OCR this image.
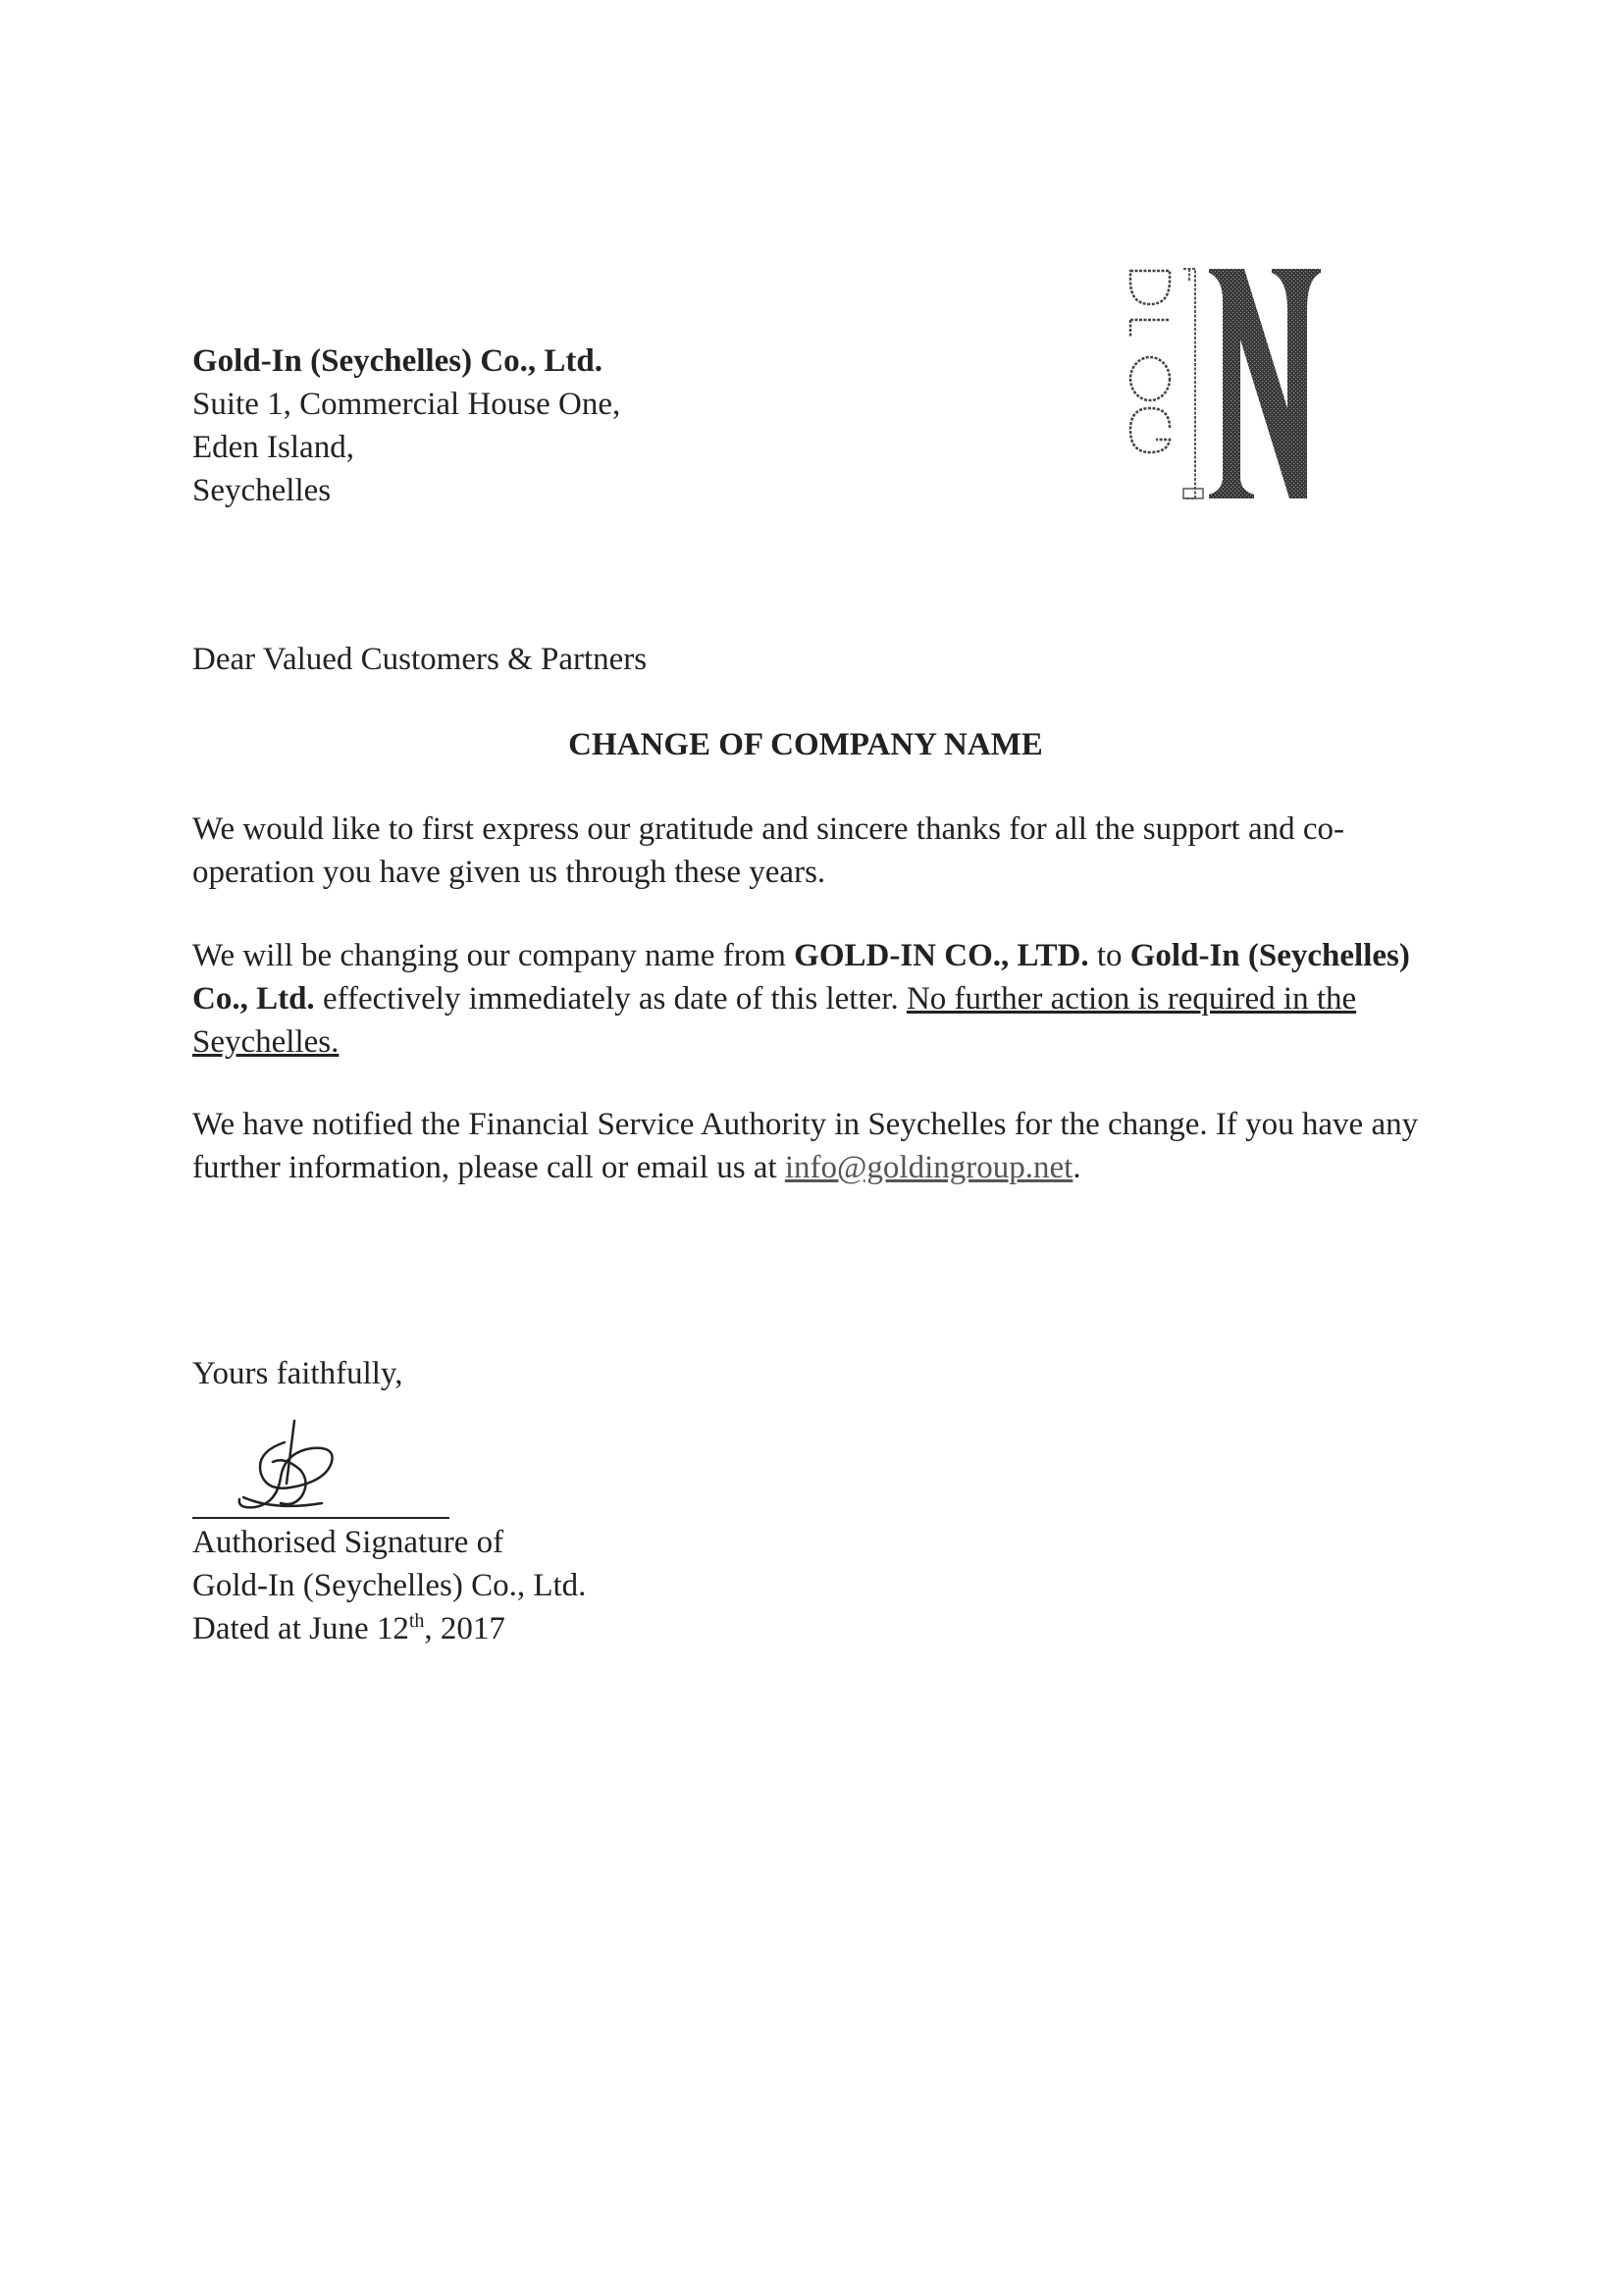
Gold-In (Seychelles) Co., Ltd.
Suite 1, Commercial House One,
Eden Island,
Seychelles
Dear Valued Customers & Partners
CHANGE OF COMPANY NAME

We would like to first express our gratitude and sincere thanks for all the support and co-operation you have given us through these years.

We will be changing our company name from GOLD-IN CO., LTD. to Gold-In (Seychelles) Co., Ltd. effectively immediately as date of this letter. No further action is required in the Seychelles.

We have notified the Financial Service Authority in Seychelles for the change. If you have any further information, please call or email us at info@goldingroup.net.

Yours faithfully,
Authorised Signature of
Gold-In (Seychelles) Co., Ltd.
Dated at June 12th, 2017
